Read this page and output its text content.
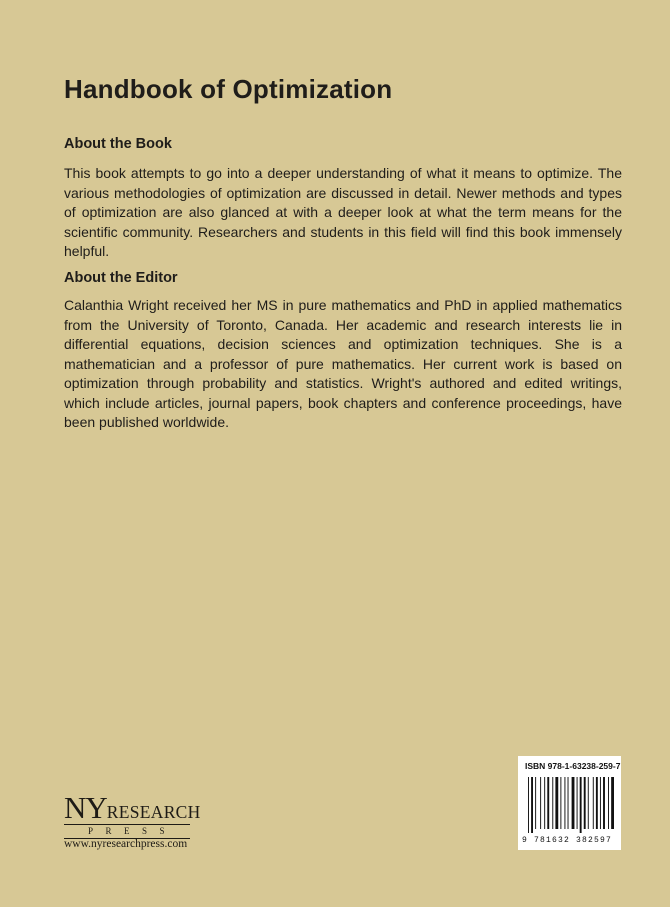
Handbook of Optimization
About the Book
This book attempts to go into a deeper understanding of what it means to optimize. The various methodologies of optimization are discussed in detail. Newer methods and types of optimization are also glanced at with a deeper look at what the term means for the scientific community. Researchers and students in this field will find this book immensely helpful.
About the Editor
Calanthia Wright received her MS in pure mathematics and PhD in applied mathematics from the University of Toronto, Canada. Her academic and research interests lie in differential equations, decision sciences and optimization techniques. She is a mathematician and a professor of pure mathematics. Her current work is based on optimization through probability and statistics. Wright's authored and edited writings, which include articles, journal papers, book chapters and conference proceedings, have been published worldwide.
NYRESEARCH
PRESS
www.nyresearchpress.com
ISBN 978-1-63238-259-7
9 781632 382597
